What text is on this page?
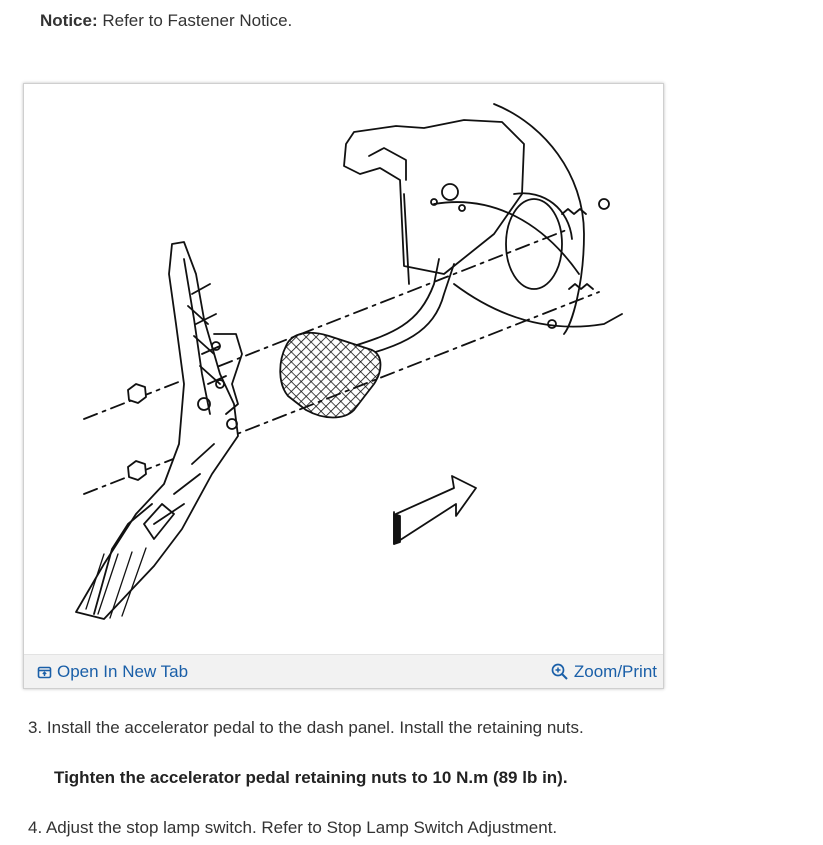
Notice: Refer to Fastener Notice.
Open In New Tab	Zoom/Print
3. Install the accelerator pedal to the dash panel. Install the retaining nuts.
Tighten the accelerator pedal retaining nuts to 10 N.m (89 lb in).
4. Adjust the stop lamp switch. Refer to Stop Lamp Switch Adjustment.
